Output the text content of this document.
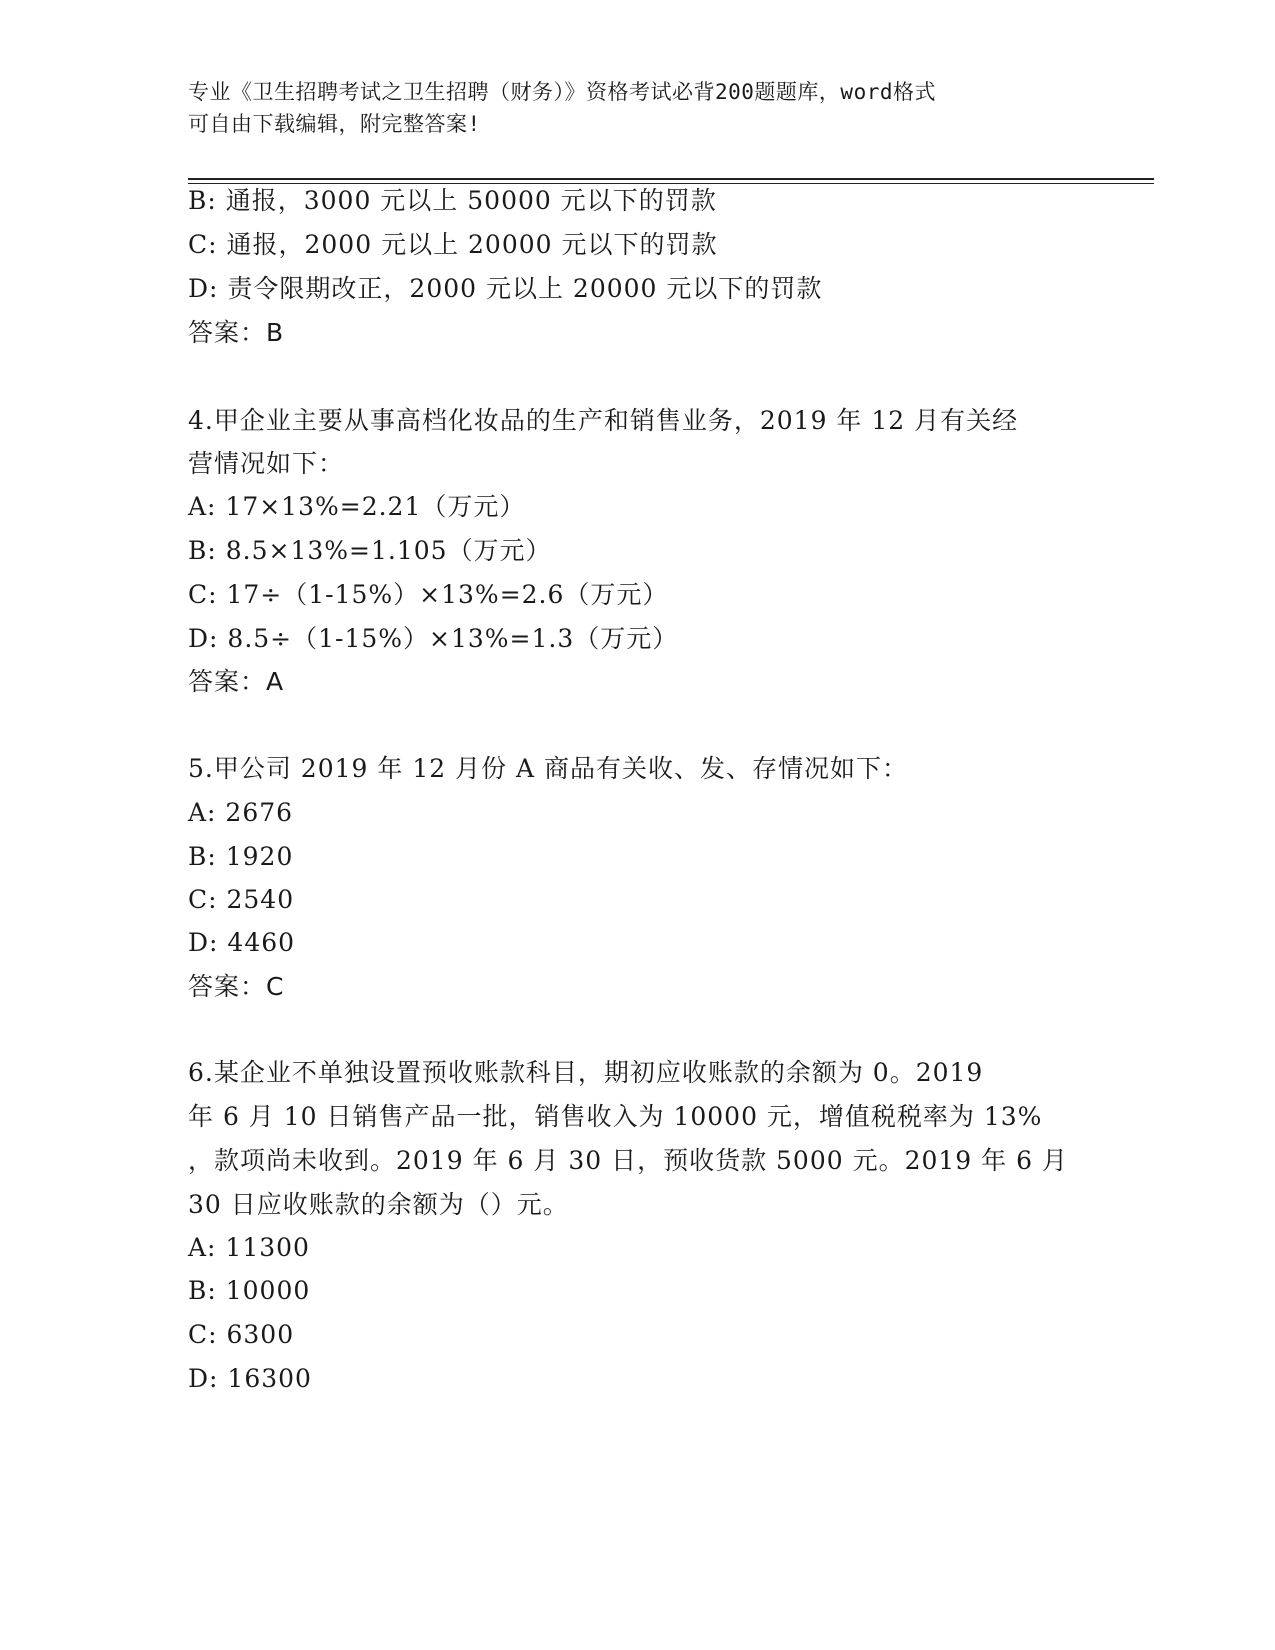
专业《卫生招聘考试之卫生招聘（财务）》资格考试必背200题题库，word格式
可自由下载编辑，附完整答案!
B: 通报，3000 元以上 50000 元以下的罚款
C: 通报，2000 元以上 20000 元以下的罚款
D: 责令限期改正，2000 元以上 20000 元以下的罚款
答案：B
4.甲企业主要从事高档化妆品的生产和销售业务，2019 年 12 月有关经
营情况如下：
A: 17×13%=2.21（万元）
B: 8.5×13%=1.105（万元）
C: 17÷（1-15%）×13%=2.6（万元）
D: 8.5÷（1-15%）×13%=1.3（万元）
答案：A
5.甲公司 2019 年 12 月份 A 商品有关收、发、存情况如下：
A: 2676
B: 1920
C: 2540
D: 4460
答案：C
6.某企业不单独设置预收账款科目，期初应收账款的余额为 0。2019
年 6 月 10 日销售产品一批，销售收入为 10000 元，增值税税率为 13%
，款项尚未收到。2019 年 6 月 30 日，预收货款 5000 元。2019 年 6 月
30 日应收账款的余额为（）元。
A: 11300
B: 10000
C: 6300
D: 16300
